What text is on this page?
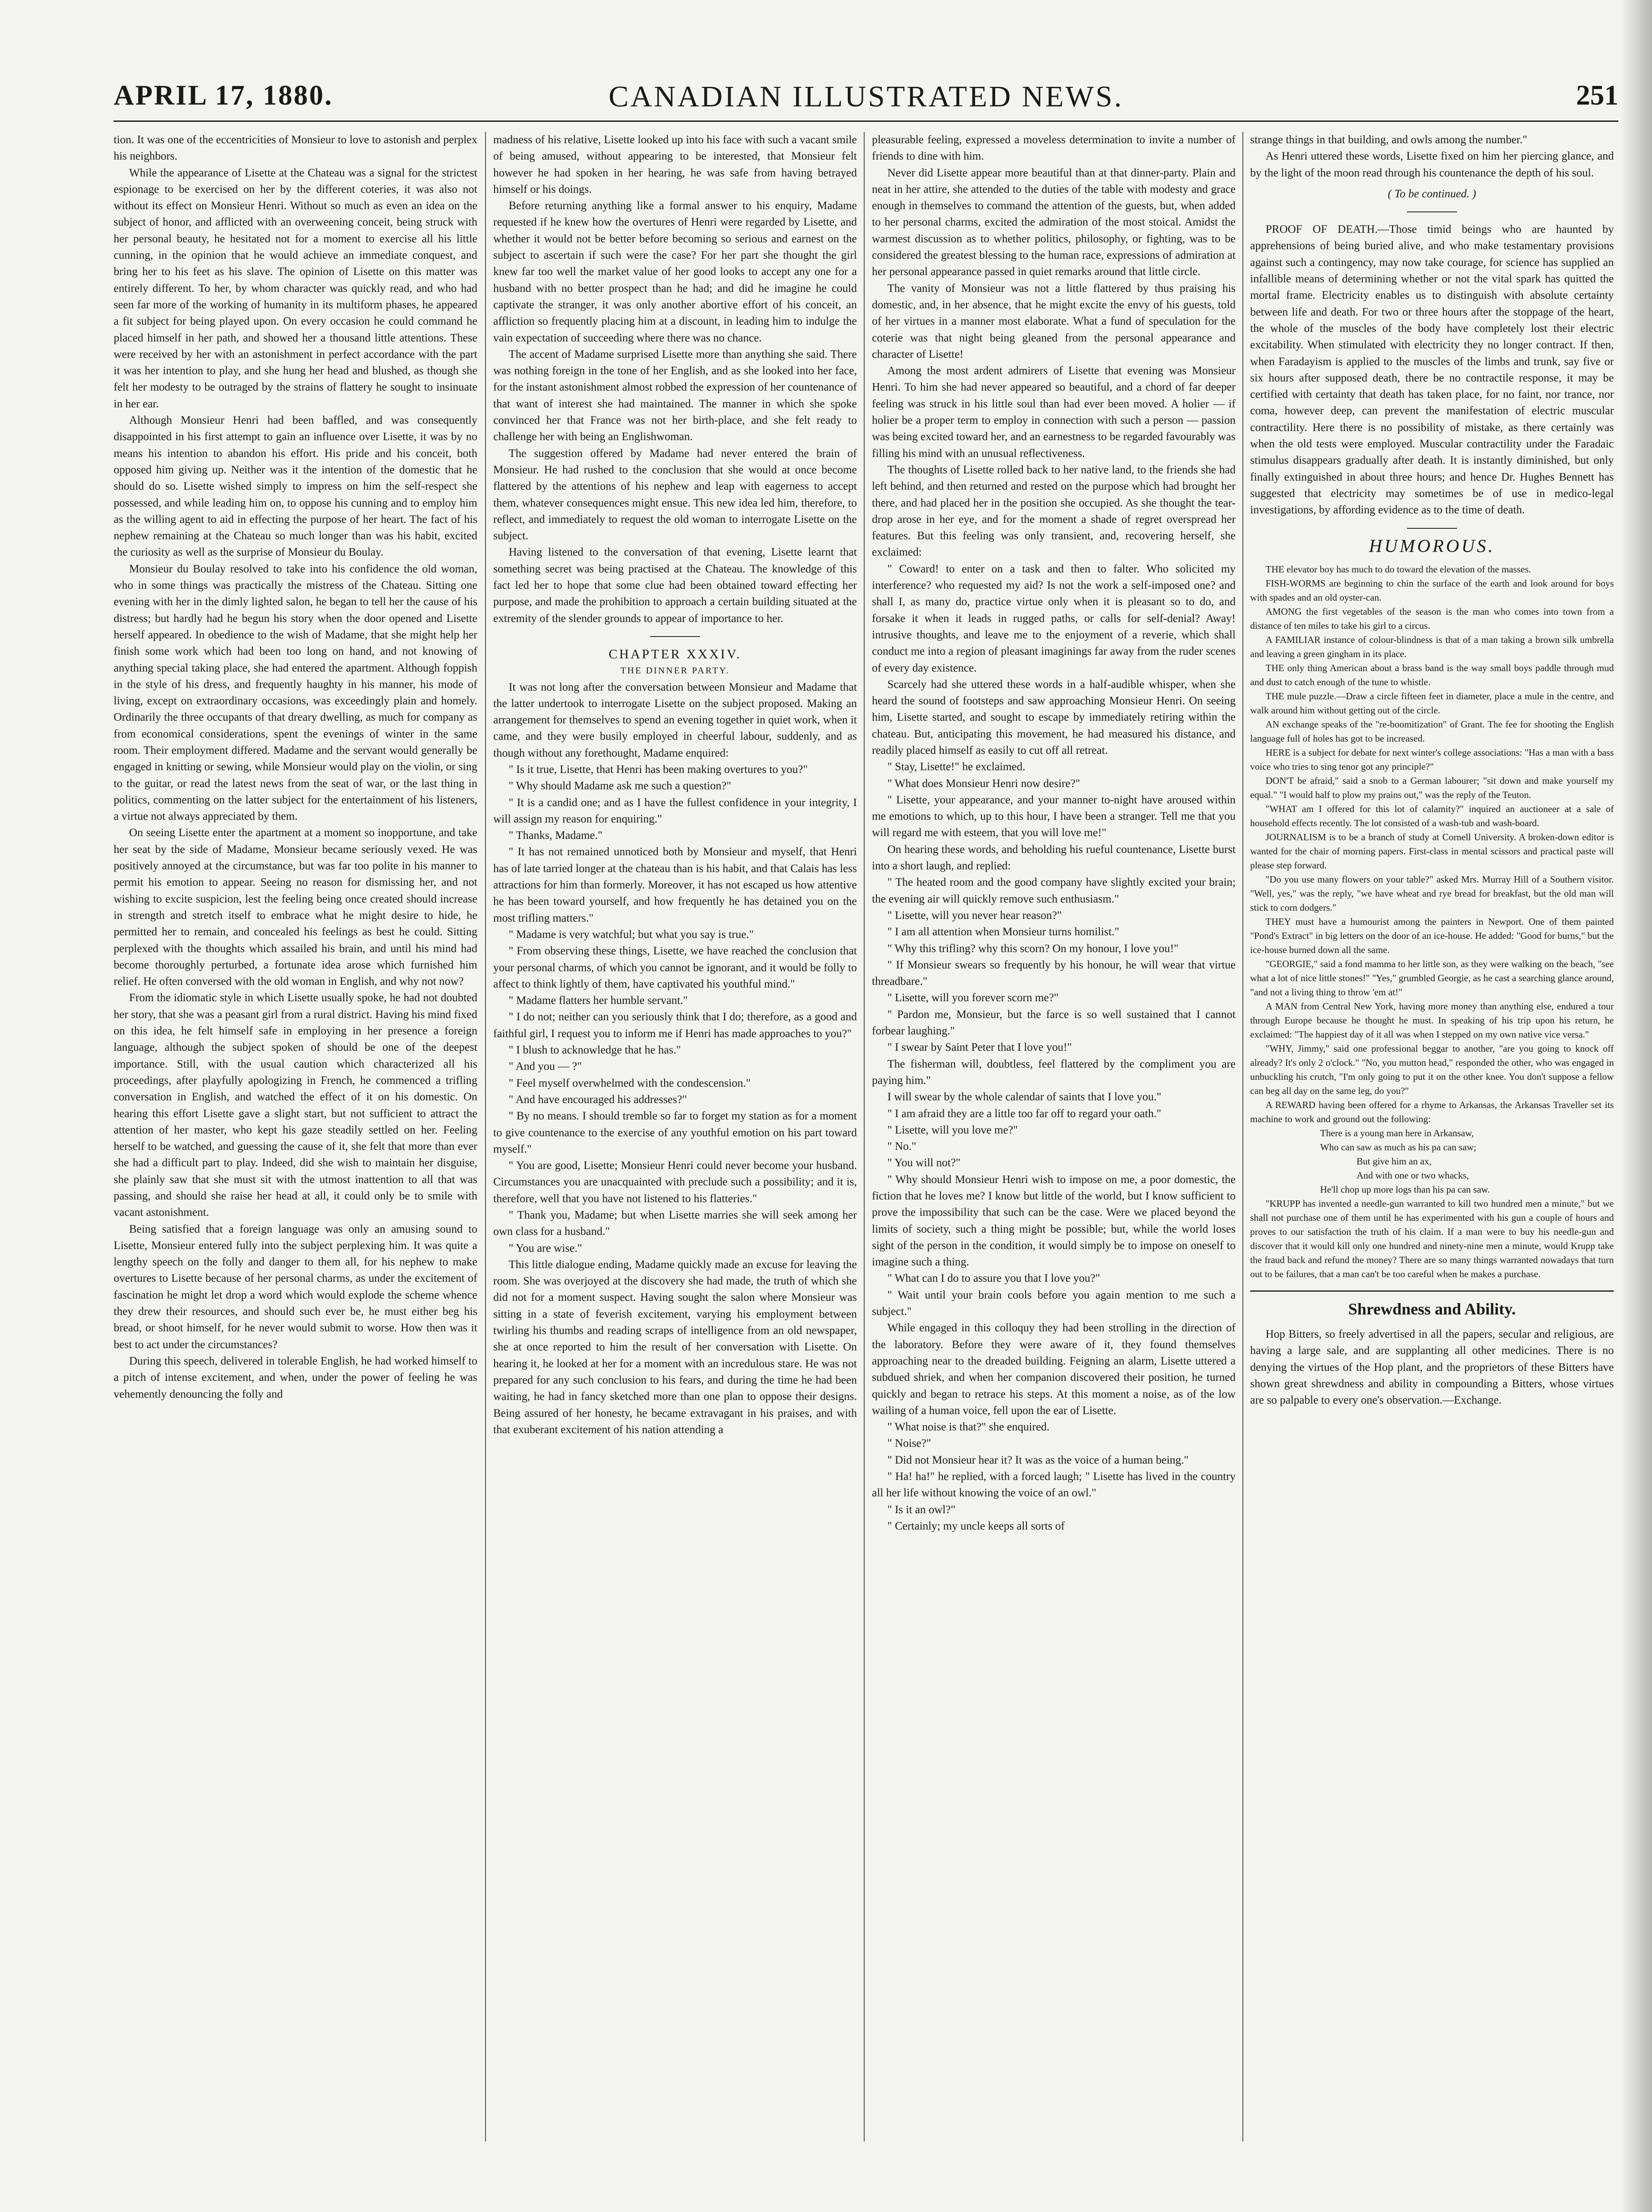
APRIL 17, 1880.	CANADIAN ILLUSTRATED NEWS.	251

tion. It was one of the eccentricities of Monsieur to love to astonish and perplex his neighbors.

While the appearance of Lisette at the Chateau was a signal for the strictest espionage to be exercised on her by the different coteries, it was also not without its effect on Monsieur Henri. Without so much as even an idea on the subject of honor, and afflicted with an overweening conceit, being struck with her personal beauty, he hesitated not for a moment to exercise all his little cunning, in the opinion that he would achieve an immediate conquest, and bring her to his feet as his slave. The opinion of Lisette on this matter was entirely different. To her, by whom character was quickly read, and who had seen far more of the working of humanity in its multiform phases, he appeared a fit subject for being played upon. On every occasion he could command he placed himself in her path, and showed her a thousand little attentions. These were received by her with an astonishment in perfect accordance with the part it was her intention to play, and she hung her head and blushed, as though she felt her modesty to be outraged by the strains of flattery he sought to insinuate in her ear.

Although Monsieur Henri had been baffled, and was consequently disappointed in his first attempt to gain an influence over Lisette, it was by no means his intention to abandon his effort. His pride and his conceit, both opposed him giving up. Neither was it the intention of the domestic that he should do so. Lisette wished simply to impress on him the self-respect she possessed, and while leading him on, to oppose his cunning and to employ him as the willing agent to aid in effecting the purpose of her heart. The fact of his nephew remaining at the Chateau so much longer than was his habit, excited the curiosity as well as the surprise of Monsieur du Boulay.

Monsieur du Boulay resolved to take into his confidence the old woman, who in some things was practically the mistress of the Chateau. Sitting one evening with her in the dimly lighted salon, he began to tell her the cause of his distress; but hardly had he begun his story when the door opened and Lisette herself appeared. In obedience to the wish of Madame, that she might help her finish some work which had been too long on hand, and not knowing of anything special taking place, she had entered the apartment. Although foppish in the style of his dress, and frequently haughty in his manner, his mode of living, except on extraordinary occasions, was exceedingly plain and homely. Ordinarily the three occupants of that dreary dwelling, as much for company as from economical considerations, spent the evenings of winter in the same room. Their employment differed. Madame and the servant would generally be engaged in knitting or sewing, while Monsieur would play on the violin, or sing to the guitar, or read the latest news from the seat of war, or the last thing in politics, commenting on the latter subject for the entertainment of his listeners, a virtue not always appreciated by them.

On seeing Lisette enter the apartment at a moment so inopportune, and take her seat by the side of Madame, Monsieur became seriously vexed. He was positively annoyed at the circumstance, but was far too polite in his manner to permit his emotion to appear. Seeing no reason for dismissing her, and not wishing to excite suspicion, lest the feeling being once created should increase in strength and stretch itself to embrace what he might desire to hide, he permitted her to remain, and concealed his feelings as best he could. Sitting perplexed with the thoughts which assailed his brain, and until his mind had become thoroughly perturbed, a fortunate idea arose which furnished him relief. He often conversed with the old woman in English, and why not now?

From the idiomatic style in which Lisette usually spoke, he had not doubted her story, that she was a peasant girl from a rural district. Having his mind fixed on this idea, he felt himself safe in employing in her presence a foreign language, although the subject spoken of should be one of the deepest importance. Still, with the usual caution which characterized all his proceedings, after playfully apologizing in French, he commenced a trifling conversation in English, and watched the effect of it on his domestic. On hearing this effort Lisette gave a slight start, but not sufficient to attract the attention of her master, who kept his gaze steadily settled on her. Feeling herself to be watched, and guessing the cause of it, she felt that more than ever she had a difficult part to play. Indeed, did she wish to maintain her disguise, she plainly saw that she must sit with the utmost inattention to all that was passing, and should she raise her head at all, it could only be to smile with vacant astonishment.

Being satisfied that a foreign language was only an amusing sound to Lisette, Monsieur entered fully into the subject perplexing him. It was quite a lengthy speech on the folly and danger to them all, for his nephew to make overtures to Lisette because of her personal charms, as under the excitement of fascination he might let drop a word which would explode the scheme whence they drew their resources, and should such ever be, he must either beg his bread, or shoot himself, for he never would submit to worse. How then was it best to act under the circumstances?

During this speech, delivered in tolerable English, he had worked himself to a pitch of intense excitement, and when, under the power of feeling he was vehemently denouncing the folly and

madness of his relative, Lisette looked up into his face with such a vacant smile of being amused, without appearing to be interested, that Monsieur felt however he had spoken in her hearing, he was safe from having betrayed himself or his doings.

Before returning anything like a formal answer to his enquiry, Madame requested if he knew how the overtures of Henri were regarded by Lisette, and whether it would not be better before becoming so serious and earnest on the subject to ascertain if such were the case? For her part she thought the girl knew far too well the market value of her good looks to accept any one for a husband with no better prospect than he had; and did he imagine he could captivate the stranger, it was only another abortive effort of his conceit, an affliction so frequently placing him at a discount, in leading him to indulge the vain expectation of succeeding where there was no chance.

The accent of Madame surprised Lisette more than anything she said. There was nothing foreign in the tone of her English, and as she looked into her face, for the instant astonishment almost robbed the expression of her countenance of that want of interest she had maintained. The manner in which she spoke convinced her that France was not her birth-place, and she felt ready to challenge her with being an Englishwoman.

The suggestion offered by Madame had never entered the brain of Monsieur. He had rushed to the conclusion that she would at once become flattered by the attentions of his nephew and leap with eagerness to accept them, whatever consequences might ensue. This new idea led him, therefore, to reflect, and immediately to request the old woman to interrogate Lisette on the subject.

Having listened to the conversation of that evening, Lisette learnt that something secret was being practised at the Chateau. The knowledge of this fact led her to hope that some clue had been obtained toward effecting her purpose, and made the prohibition to approach a certain building situated at the extremity of the slender grounds to appear of importance to her.

CHAPTER XXXIV.

THE DINNER PARTY.

It was not long after the conversation between Monsieur and Madame that the latter undertook to interrogate Lisette on the subject proposed. Making an arrangement for themselves to spend an evening together in quiet work, when it came, and they were busily employed in cheerful labour, suddenly, and as though without any forethought, Madame enquired:

" Is it true, Lisette, that Henri has been making overtures to you?"

" Why should Madame ask me such a question?"

" It is a candid one; and as I have the fullest confidence in your integrity, I will assign my reason for enquiring."

" Thanks, Madame."

" It has not remained unnoticed both by Monsieur and myself, that Henri has of late tarried longer at the chateau than is his habit, and that Calais has less attractions for him than formerly. Moreover, it has not escaped us how attentive he has been toward yourself, and how frequently he has detained you on the most trifling matters."

" Madame is very watchful; but what you say is true."

" From observing these things, Lisette, we have reached the conclusion that your personal charms, of which you cannot be ignorant, and it would be folly to affect to think lightly of them, have captivated his youthful mind."

" Madame flatters her humble servant."

" I do not; neither can you seriously think that I do; therefore, as a good and faithful girl, I request you to inform me if Henri has made approaches to you?"

" I blush to acknowledge that he has."

" And you — ?"

" Feel myself overwhelmed with the condescension."

" And have encouraged his addresses?"

" By no means. I should tremble so far to forget my station as for a moment to give countenance to the exercise of any youthful emotion on his part toward myself."

" You are good, Lisette; Monsieur Henri could never become your husband. Circumstances you are unacquainted with preclude such a possibility; and it is, therefore, well that you have not listened to his flatteries."

" Thank you, Madame; but when Lisette marries she will seek among her own class for a husband."

" You are wise."

This little dialogue ending, Madame quickly made an excuse for leaving the room. She was overjoyed at the discovery she had made, the truth of which she did not for a moment suspect. Having sought the salon where Monsieur was sitting in a state of feverish excitement, varying his employment between twirling his thumbs and reading scraps of intelligence from an old newspaper, she at once reported to him the result of her conversation with Lisette. On hearing it, he looked at her for a moment with an incredulous stare. He was not prepared for any such conclusion to his fears, and during the time he had been waiting, he had in fancy sketched more than one plan to oppose their designs. Being assured of her honesty, he became extravagant in his praises, and with that exuberant excitement of his nation attending a

pleasurable feeling, expressed a moveless determination to invite a number of friends to dine with him.

Never did Lisette appear more beautiful than at that dinner-party. Plain and neat in her attire, she attended to the duties of the table with modesty and grace enough in themselves to command the attention of the guests, but, when added to her personal charms, excited the admiration of the most stoical. Amidst the warmest discussion as to whether politics, philosophy, or fighting, was to be considered the greatest blessing to the human race, expressions of admiration at her personal appearance passed in quiet remarks around that little circle.

The vanity of Monsieur was not a little flattered by thus praising his domestic, and, in her absence, that he might excite the envy of his guests, told of her virtues in a manner most elaborate. What a fund of speculation for the coterie was that night being gleaned from the personal appearance and character of Lisette!

Among the most ardent admirers of Lisette that evening was Monsieur Henri. To him she had never appeared so beautiful, and a chord of far deeper feeling was struck in his little soul than had ever been moved. A holier — if holier be a proper term to employ in connection with such a person — passion was being excited toward her, and an earnestness to be regarded favourably was filling his mind with an unusual reflectiveness.

The thoughts of Lisette rolled back to her native land, to the friends she had left behind, and then returned and rested on the purpose which had brought her there, and had placed her in the position she occupied. As she thought the tear-drop arose in her eye, and for the moment a shade of regret overspread her features. But this feeling was only transient, and, recovering herself, she exclaimed:

" Coward! to enter on a task and then to falter. Who solicited my interference? who requested my aid? Is not the work a self-imposed one? and shall I, as many do, practice virtue only when it is pleasant so to do, and forsake it when it leads in rugged paths, or calls for self-denial? Away! intrusive thoughts, and leave me to the enjoyment of a reverie, which shall conduct me into a region of pleasant imaginings far away from the ruder scenes of every day existence.

Scarcely had she uttered these words in a half-audible whisper, when she heard the sound of footsteps and saw approaching Monsieur Henri. On seeing him, Lisette started, and sought to escape by immediately retiring within the chateau. But, anticipating this movement, he had measured his distance, and readily placed himself as easily to cut off all retreat.

" Stay, Lisette!" he exclaimed.

" What does Monsieur Henri now desire?"

" Lisette, your appearance, and your manner to-night have aroused within me emotions to which, up to this hour, I have been a stranger. Tell me that you will regard me with esteem, that you will love me!"

On hearing these words, and beholding his rueful countenance, Lisette burst into a short laugh, and replied:

" The heated room and the good company have slightly excited your brain; the evening air will quickly remove such enthusiasm."

" Lisette, will you never hear reason?"

" I am all attention when Monsieur turns homilist."

" Why this trifling? why this scorn? On my honour, I love you!"

" If Monsieur swears so frequently by his honour, he will wear that virtue threadbare."

" Lisette, will you forever scorn me?"

" Pardon me, Monsieur, but the farce is so well sustained that I cannot forbear laughing."

" I swear by Saint Peter that I love you!"

The fisherman will, doubtless, feel flattered by the compliment you are paying him."

I will swear by the whole calendar of saints that I love you."

" I am afraid they are a little too far off to regard your oath."

" Lisette, will you love me?"

" No."

" You will not?"

" Why should Monsieur Henri wish to impose on me, a poor domestic, the fiction that he loves me? I know but little of the world, but I know sufficient to prove the impossibility that such can be the case. Were we placed beyond the limits of society, such a thing might be possible; but, while the world loses sight of the person in the condition, it would simply be to impose on oneself to imagine such a thing.

" What can I do to assure you that I love you?"

" Wait until your brain cools before you again mention to me such a subject."

While engaged in this colloquy they had been strolling in the direction of the laboratory. Before they were aware of it, they found themselves approaching near to the dreaded building. Feigning an alarm, Lisette uttered a subdued shriek, and when her companion discovered their position, he turned quickly and began to retrace his steps. At this moment a noise, as of the low wailing of a human voice, fell upon the ear of Lisette.

" What noise is that?" she enquired.

" Noise?"

" Did not Monsieur hear it? It was as the voice of a human being."

" Ha! ha!" he replied, with a forced laugh; " Lisette has lived in the country all her life without knowing the voice of an owl."

" Is it an owl?"

" Certainly; my uncle keeps all sorts of

strange things in that building, and owls among the number."

As Henri uttered these words, Lisette fixed on him her piercing glance, and by the light of the moon read through his countenance the depth of his soul.

( To be continued. )

PROOF OF DEATH.—Those timid beings who are haunted by apprehensions of being buried alive, and who make testamentary provisions against such a contingency, may now take courage, for science has supplied an infallible means of determining whether or not the vital spark has quitted the mortal frame. Electricity enables us to distinguish with absolute certainty between life and death. For two or three hours after the stoppage of the heart, the whole of the muscles of the body have completely lost their electric excitability. When stimulated with electricity they no longer contract. If then, when Faradayism is applied to the muscles of the limbs and trunk, say five or six hours after supposed death, there be no contractile response, it may be certified with certainty that death has taken place, for no faint, nor trance, nor coma, however deep, can prevent the manifestation of electric muscular contractility. Here there is no possibility of mistake, as there certainly was when the old tests were employed. Muscular contractility under the Faradaic stimulus disappears gradually after death. It is instantly diminished, but only finally extinguished in about three hours; and hence Dr. Hughes Bennett has suggested that electricity may sometimes be of use in medico-legal investigations, by affording evidence as to the time of death.

HUMOROUS.

THE elevator boy has much to do toward the elevation of the masses.

FISH-WORMS are beginning to chin the surface of the earth and look around for boys with spades and an old oyster-can.

AMONG the first vegetables of the season is the man who comes into town from a distance of ten miles to take his girl to a circus.

A FAMILIAR instance of colour-blindness is that of a man taking a brown silk umbrella and leaving a green gingham in its place.

THE only thing American about a brass band is the way small boys paddle through mud and dust to catch enough of the tune to whistle.

THE mule puzzle.—Draw a circle fifteen feet in diameter, place a mule in the centre, and walk around him without getting out of the circle.

AN exchange speaks of the "re-boomitization" of Grant. The fee for shooting the English language full of holes has got to be increased.

HERE is a subject for debate for next winter's college associations: "Has a man with a bass voice who tries to sing tenor got any principle?"

DON'T be afraid," said a snob to a German labourer; "sit down and make yourself my equal." "I would half to plow my prains out," was the reply of the Teuton.

"WHAT am I offered for this lot of calamity?" inquired an auctioneer at a sale of household effects recently. The lot consisted of a wash-tub and wash-board.

JOURNALISM is to be a branch of study at Cornell University. A broken-down editor is wanted for the chair of morning papers. First-class in mental scissors and practical paste will please step forward.

"Do you use many flowers on your table?" asked Mrs. Murray Hill of a Southern visitor. "Well, yes," was the reply, "we have wheat and rye bread for breakfast, but the old man will stick to corn dodgers."

THEY must have a humourist among the painters in Newport. One of them painted "Pond's Extract" in big letters on the door of an ice-house. He added: "Good for burns," but the ice-house burned down all the same.

"GEORGIE," said a fond mamma to her little son, as they were walking on the beach, "see what a lot of nice little stones!" "Yes," grumbled Georgie, as he cast a searching glance around, "and not a living thing to throw 'em at!"

A MAN from Central New York, having more money than anything else, endured a tour through Europe because he thought he must. In speaking of his trip upon his return, he exclaimed: "The happiest day of it all was when I stepped on my own native vice versa."

"WHY, Jimmy," said one professional beggar to another, "are you going to knock off already? It's only 2 o'clock." "No, you mutton head," responded the other, who was engaged in unbuckling his crutch, "I'm only going to put it on the other knee. You don't suppose a fellow can beg all day on the same leg, do you?"

A REWARD having been offered for a rhyme to Arkansas, the Arkansas Traveller set its machine to work and ground out the following:

There is a young man here in Arkansaw,

Who can saw as much as his pa can saw;

But give him an ax,

And with one or two whacks,

He'll chop up more logs than his pa can saw.

"KRUPP has invented a needle-gun warranted to kill two hundred men a minute," but we shall not purchase one of them until he has experimented with his gun a couple of hours and proves to our satisfaction the truth of his claim. If a man were to buy his needle-gun and discover that it would kill only one hundred and ninety-nine men a minute, would Krupp take the fraud back and refund the money? There are so many things warranted nowadays that turn out to be failures, that a man can't be too careful when he makes a purchase.

Shrewdness and Ability.

Hop Bitters, so freely advertised in all the papers, secular and religious, are having a large sale, and are supplanting all other medicines. There is no denying the virtues of the Hop plant, and the proprietors of these Bitters have shown great shrewdness and ability in compounding a Bitters, whose virtues are so palpable to every one's observation.—Exchange.
